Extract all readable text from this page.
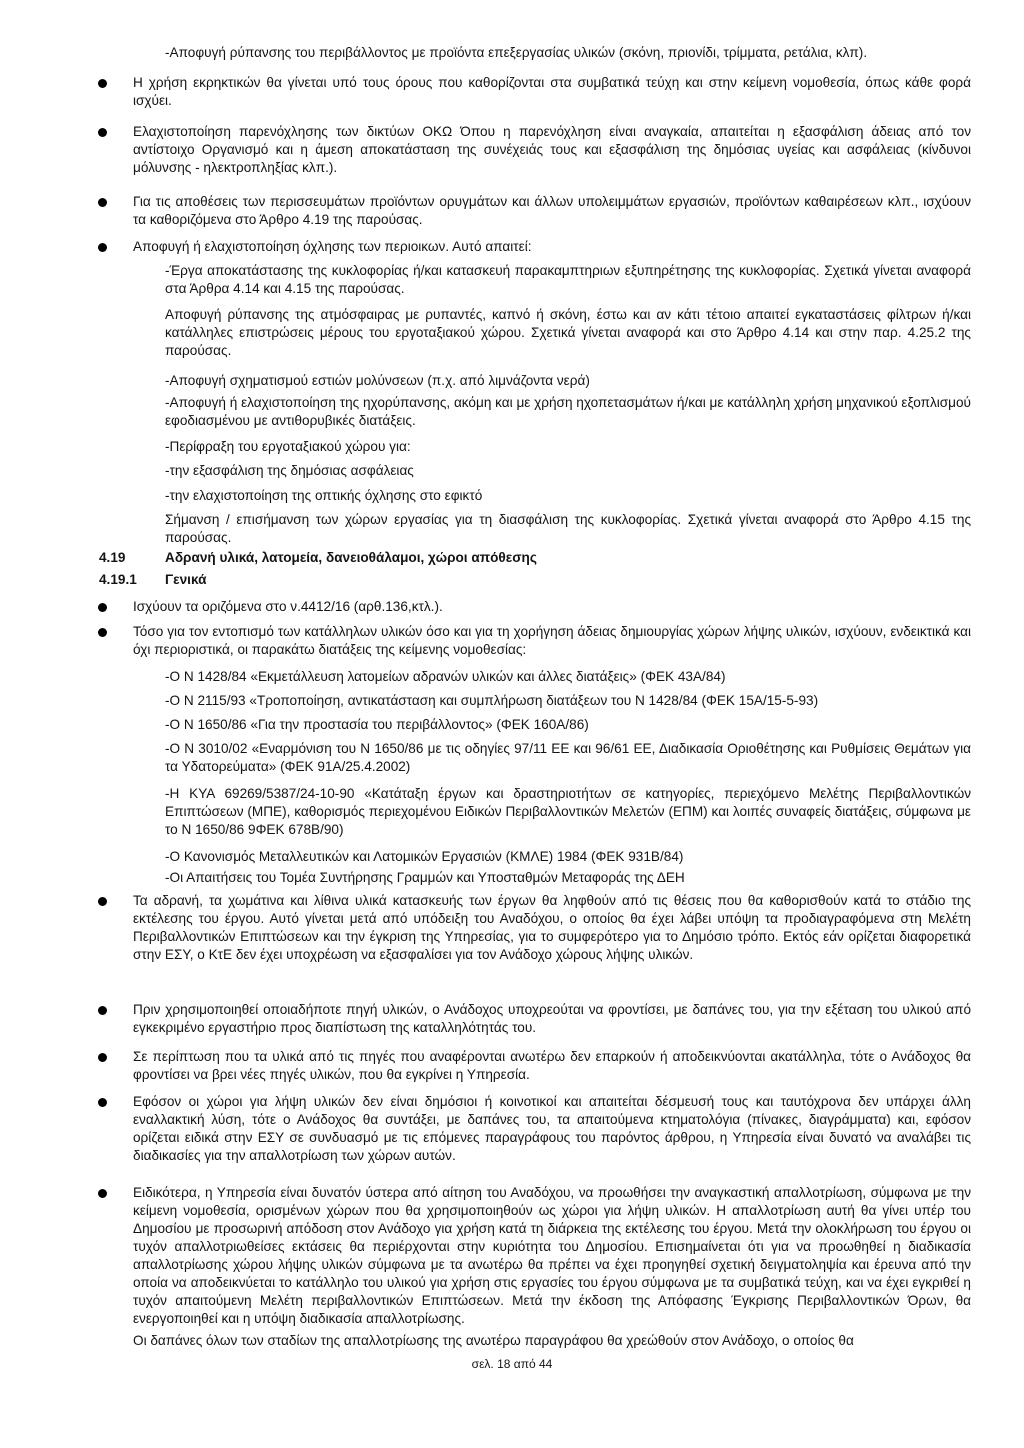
-Αποφυγή ρύπανσης του περιβάλλοντος με προϊόντα επεξεργασίας υλικών (σκόνη, πριονίδι, τρίμματα, ρετάλια, κλπ).

Η χρήση εκρηκτικών θα γίνεται υπό τους όρους που καθορίζονται στα συμβατικά τεύχη και στην κείμενη νομοθεσία, όπως κάθε φορά ισχύει.

Ελαχιστοποίηση παρενόχλησης των δικτύων ΟΚΩ Όπου η παρενόχληση είναι αναγκαία, απαιτείται η εξασφάλιση άδειας από τον αντίστοιχο Οργανισμό και η άμεση αποκατάσταση της συνέχειάς τους και εξασφάλιση της δημόσιας υγείας και ασφάλειας (κίνδυνοι μόλυνσης - ηλεκτροπληξίας κλπ.).

Για τις αποθέσεις των περισσευμάτων προϊόντων ορυγμάτων και άλλων υπολειμμάτων εργασιών, προϊόντων καθαιρέσεων κλπ., ισχύουν τα καθοριζόμενα στο Άρθρο 4.19 της παρούσας.

Αποφυγή ή ελαχιστοποίηση όχλησης των περιοικων. Αυτό απαιτεί:

-Έργα αποκατάστασης της κυκλοφορίας ή/και κατασκευή παρακαμπτηριων εξυπηρέτησης της κυκλοφορίας. Σχετικά γίνεται αναφορά στα Άρθρα 4.14 και 4.15 της παρούσας.

Αποφυγή ρύπανσης της ατμόσφαιρας με ρυπαντές, καπνό ή σκόνη, έστω και αν κάτι τέτοιο απαιτεί εγκαταστάσεις φίλτρων ή/και κατάλληλες επιστρώσεις μέρους του εργοταξιακού χώρου. Σχετικά γίνεται αναφορά και στο Άρθρο 4.14 και στην παρ. 4.25.2 της παρούσας.

-Αποφυγή σχηματισμού εστιών μολύνσεων (π.χ. από λιμνάζοντα νερά)

-Αποφυγή ή ελαχιστοποίηση της ηχορύπανσης, ακόμη και με χρήση ηχοπετασμάτων ή/και με κατάλληλη χρήση μηχανικού εξοπλισμού εφοδιασμένου με αντιθορυβικές διατάξεις.

-Περίφραξη του εργοταξιακού χώρου για:

-την εξασφάλιση της δημόσιας ασφάλειας

-την ελαχιστοποίηση της οπτικής όχλησης στο εφικτό

Σήμανση / επισήμανση των χώρων εργασίας για τη διασφάλιση της κυκλοφορίας. Σχετικά γίνεται αναφορά στο Άρθρο 4.15 της παρούσας.

4.19	Αδρανή υλικά, λατομεία, δανειοθάλαμοι, χώροι απόθεσης
4.19.1 Γενικά

Ισχύουν τα οριζόμενα στο ν.4412/16 (αρθ.136,κτλ.).

Τόσο για τον εντοπισμό των κατάλληλων υλικών όσο και για τη χορήγηση άδειας δημιουργίας χώρων λήψης υλικών, ισχύουν, ενδεικτικά και όχι περιοριστικά, οι παρακάτω διατάξεις της κείμενης νομοθεσίας:

-Ο Ν 1428/84 «Εκμετάλλευση λατομείων αδρανών υλικών και άλλες διατάξεις» (ΦΕΚ 43Α/84)

-Ο Ν 2115/93 «Τροποποίηση, αντικατάσταση και συμπλήρωση διατάξεων του Ν 1428/84 (ΦΕΚ 15Α/15-5-93)

-Ο Ν 1650/86 «Για την προστασία του περιβάλλοντος» (ΦΕΚ 160Α/86)

-Ο Ν 3010/02 «Εναρμόνιση του Ν 1650/86 με τις οδηγίες 97/11 ΕΕ και 96/61 ΕΕ, Διαδικασία Οριοθέτησης και Ρυθμίσεις Θεμάτων για τα Υδατορεύματα» (ΦΕΚ 91Α/25.4.2002)

-Η ΚΥΑ 69269/5387/24-10-90 «Κατάταξη έργων και δραστηριοτήτων σε κατηγορίες, περιεχόμενο Μελέτης Περιβαλλοντικών Επιπτώσεων (ΜΠΕ), καθορισμός περιεχομένου Ειδικών Περιβαλλοντικών Μελετών (ΕΠΜ) και λοιπές συναφείς διατάξεις, σύμφωνα με το Ν 1650/86 9ΦΕΚ 678Β/90)

-Ο Κανονισμός Μεταλλευτικών και Λατομικών Εργασιών (ΚΜΛΕ) 1984 (ΦΕΚ 931Β/84)

-Οι Απαιτήσεις του Τομέα Συντήρησης Γραμμών και Υποσταθμών Μεταφοράς της ΔΕΗ

Τα αδρανή, τα χωμάτινα και λίθινα υλικά κατασκευής των έργων θα ληφθούν από τις θέσεις που θα καθορισθούν κατά το στάδιο της εκτέλεσης του έργου. Αυτό γίνεται μετά από υπόδειξη του Αναδόχου, ο οποίος θα έχει λάβει υπόψη τα προδιαγραφόμενα στη Μελέτη Περιβαλλοντικών Επιπτώσεων και την έγκριση της Υπηρεσίας, για το συμφερότερο για το Δημόσιο τρόπο. Εκτός εάν ορίζεται διαφορετικά στην ΕΣΥ, ο ΚτΕ δεν έχει υποχρέωση να εξασφαλίσει για τον Ανάδοχο χώρους λήψης υλικών.

Πριν χρησιμοποιηθεί οποιαδήποτε πηγή υλικών, ο Ανάδοχος υποχρεούται να φροντίσει, με δαπάνες του, για την εξέταση του υλικού από εγκεκριμένο εργαστήριο προς διαπίστωση της καταλληλότητάς του.

Σε περίπτωση που τα υλικά από τις πηγές που αναφέρονται ανωτέρω δεν επαρκούν ή αποδεικνύονται ακατάλληλα, τότε ο Ανάδοχος θα φροντίσει να βρει νέες πηγές υλικών, που θα εγκρίνει η Υπηρεσία.

Εφόσον οι χώροι για λήψη υλικών δεν είναι δημόσιοι ή κοινοτικοί και απαιτείται δέσμευσή τους και ταυτόχρονα δεν υπάρχει άλλη εναλλακτική λύση, τότε ο Ανάδοχος θα συντάξει, με δαπάνες του, τα απαιτούμενα κτηματολόγια (πίνακες, διαγράμματα) και, εφόσον ορίζεται ειδικά στην ΕΣΥ σε συνδυασμό με τις επόμενες παραγράφους του παρόντος άρθρου, η Υπηρεσία είναι δυνατό να αναλάβει τις διαδικασίες για την απαλλοτρίωση των χώρων αυτών.

Ειδικότερα, η Υπηρεσία είναι δυνατόν ύστερα από αίτηση του Αναδόχου, να προωθήσει την αναγκαστική απαλλοτρίωση, σύμφωνα με την κείμενη νομοθεσία, ορισμένων χώρων που θα χρησιμοποιηθούν ως χώροι για λήψη υλικών. Η απαλλοτρίωση αυτή θα γίνει υπέρ του Δημοσίου με προσωρινή απόδοση στον Ανάδοχο για χρήση κατά τη διάρκεια της εκτέλεσης του έργου. Μετά την ολοκλήρωση του έργου οι τυχόν απαλλοτριωθείσες εκτάσεις θα περιέρχονται στην κυριότητα του Δημοσίου. Επισημαίνεται ότι για να προωθηθεί η διαδικασία απαλλοτρίωσης χώρου λήψης υλικών σύμφωνα με τα ανωτέρω θα πρέπει να έχει προηγηθεί σχετική δειγματοληψία και έρευνα από την οποία να αποδεικνύεται το κατάλληλο του υλικού για χρήση στις εργασίες του έργου σύμφωνα με τα συμβατικά τεύχη, και να έχει εγκριθεί η τυχόν απαιτούμενη Μελέτη περιβαλλοντικών Επιπτώσεων. Μετά την έκδοση της Απόφασης Έγκρισης Περιβαλλοντικών Όρων, θα ενεργοποιηθεί και η υπόψη διαδικασία απαλλοτρίωσης.

Οι δαπάνες όλων των σταδίων της απαλλοτρίωσης της ανωτέρω παραγράφου θα χρεώθούν στον Ανάδοχο, ο οποίος θα

σελ. 18 από 44
